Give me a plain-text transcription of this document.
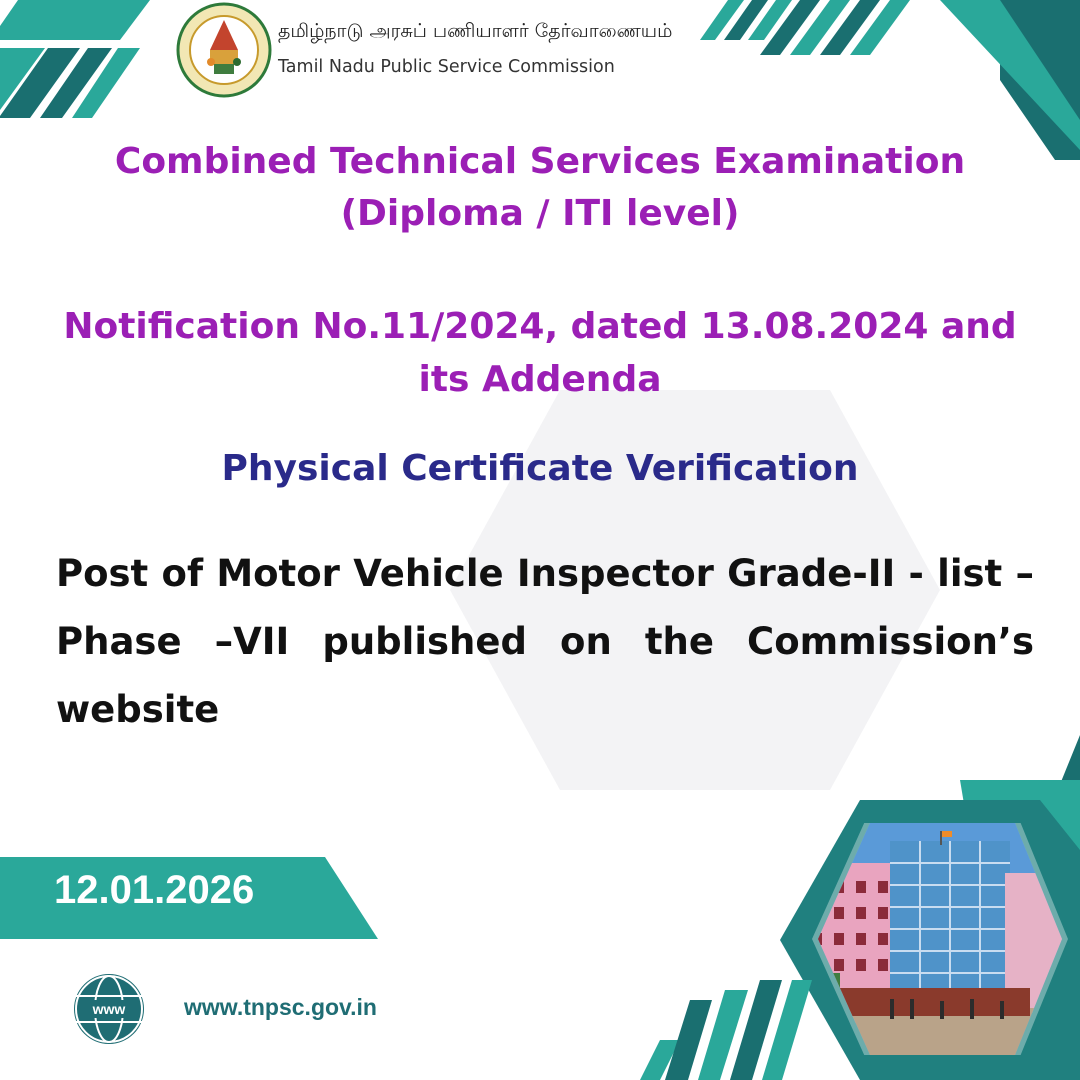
தமிழ்நாடு அரசுப் பணியாளர் தேர்வாணையம்
Tamil Nadu Public Service Commission
Combined Technical Services Examination
(Diploma / ITI level)
Notification No.11/2024, dated 13.08.2024 and
its Addenda
Physical Certificate Verification
Post of Motor Vehicle Inspector Grade-II - list – Phase –VII published on the Commission’s website
12.01.2026
www	www.tnpsc.gov.in
